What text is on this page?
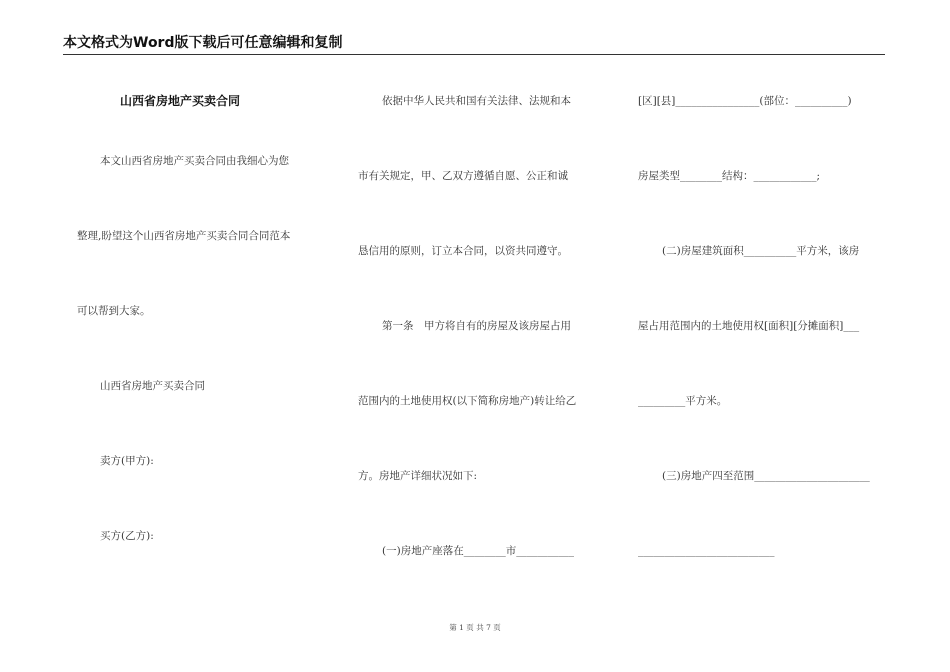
本文格式为Word版下载后可任意编辑和复制
山西省房地产买卖合同
本文山西省房地产买卖合同由我细心为您
整理,盼望这个山西省房地产买卖合同合同范本
可以帮到大家。
山西省房地产买卖合同
卖方(甲方):
买方(乙方):
依据中华人民共和国有关法律、法规和本
市有关规定，甲、乙双方遵循自愿、公正和诚
恳信用的原则，订立本合同，以资共同遵守。
第一条　甲方将自有的房屋及该房屋占用
范围内的土地使用权(以下简称房地产)转让给乙
方。房地产详细状况如下:
(一)房地产座落在________市___________
[区][县]________________(部位：__________)
房屋类型________结构：____________;
(二)房屋建筑面积__________平方米，该房
屋占用范围内的土地使用权[面积][分摊面积]___
_________平方米。
(三)房地产四至范围______________________
__________________________
第 1 页 共 7 页
